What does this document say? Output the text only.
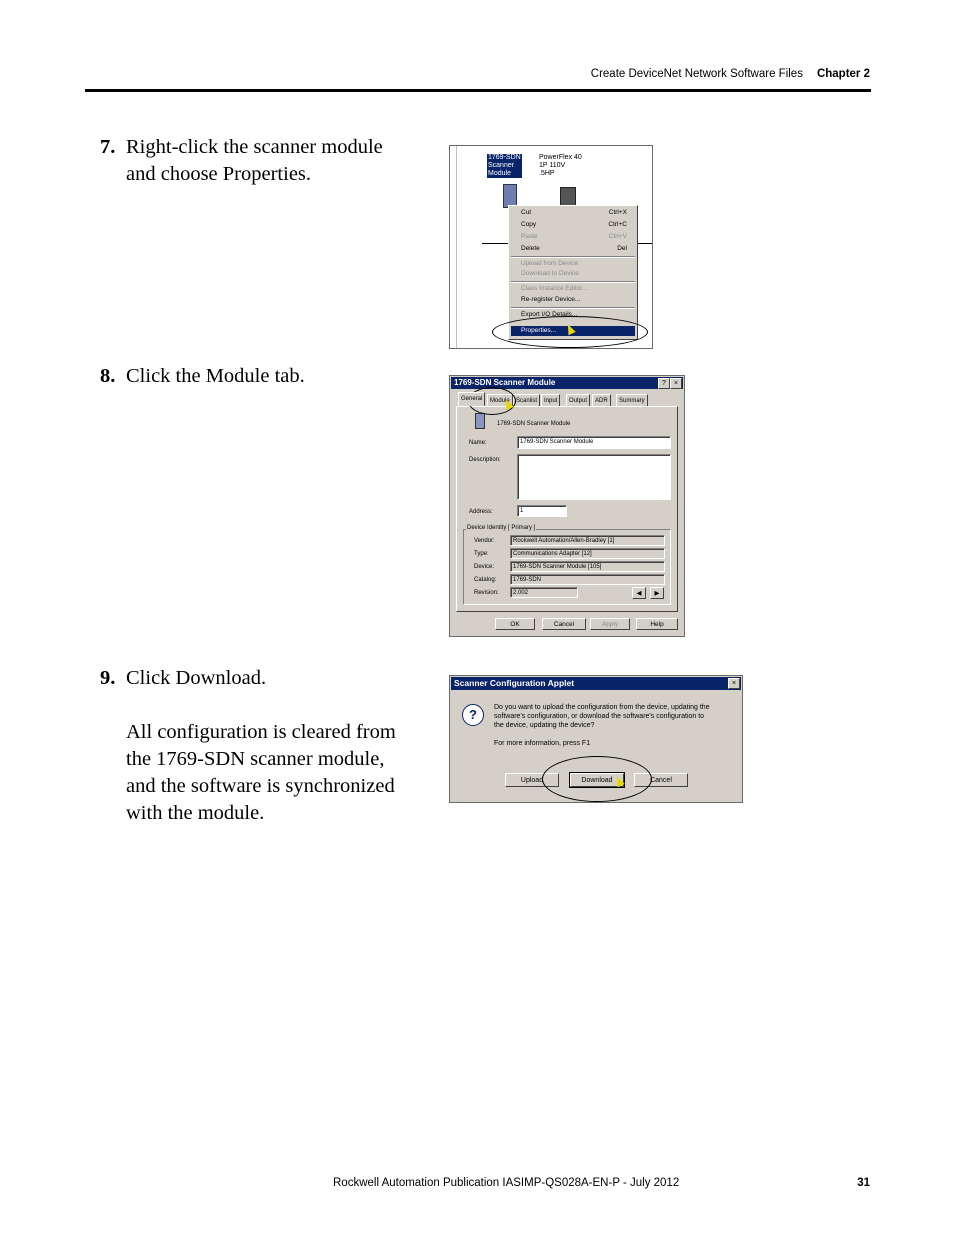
Create DeviceNet Network Software Files Chapter 2
7. Right-click the scanner module
and choose Properties.
8. Click the Module tab.
9. Click Download.
All configuration is cleared from
the 1769-SDN scanner module,
and the software is synchronized
with the module.
1769-SDN
Scanner
Module
PowerFlex 40
1P 110V
.5HP
Cut	Ctrl+X
Copy	Ctrl+C
Paste	Ctrl+V
Delete	Del
Upload from Device
Download to Device
Class Instance Editor...
Re-register Device...
Export I/O Details...
Properties...
1769-SDN Scanner Module	?	×
General	Module	Scanlist	Input	Output	ADR	Summary
1769-SDN Scanner Module
Name:	1769-SDN Scanner Module
Description:
Address:	1
Device Identity [ Primary ]
Vendor:	Rockwell Automation/Allen-Bradley [1]
Type:	Communications Adapter [12]
Device:	1769-SDN Scanner Module [105]
Catalog:	1769-SDN
Revision:	2.002	◀	▶
OK	Cancel	Apply	Help
Scanner Configuration Applet	×
?	Do you want to upload the configuration from the device, updating the
software's configuration, or download the software's configuration to
the device, updating the device?
For more information, press F1
Upload	Download	Cancel
Rockwell Automation Publication IASIMP-QS028A-EN-P - July 2012	31
